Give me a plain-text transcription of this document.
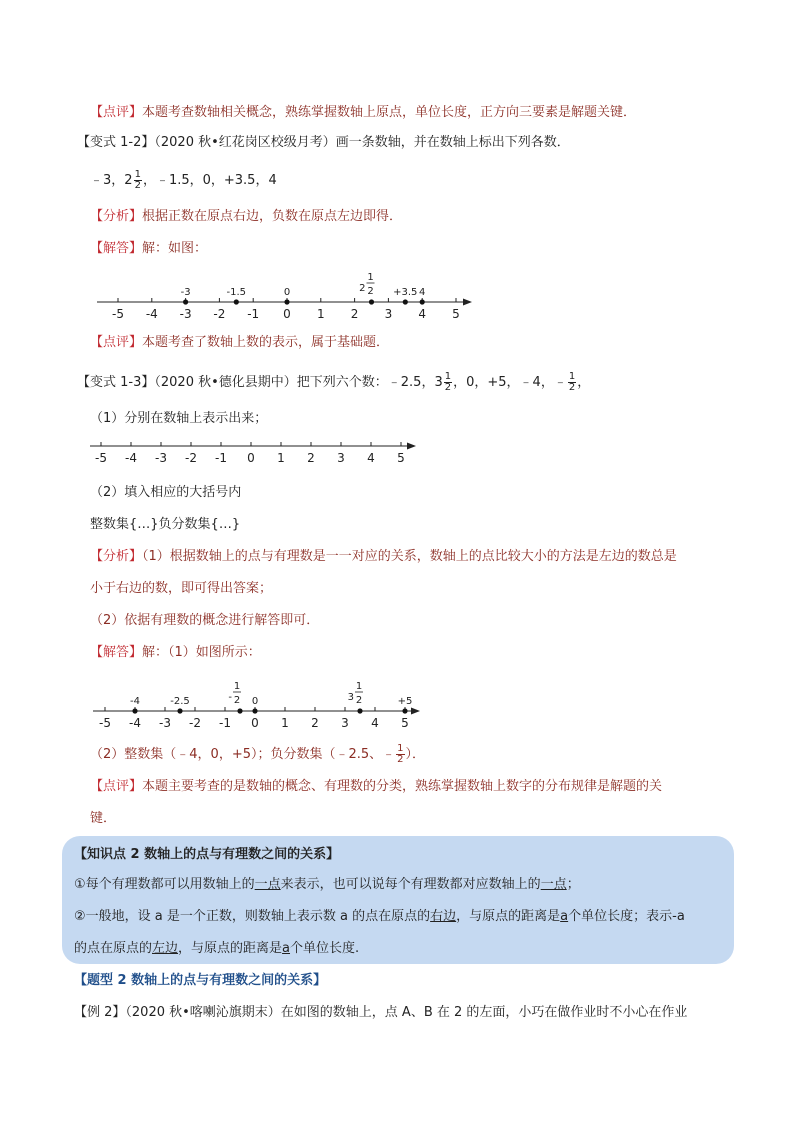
【点评】本题考查数轴相关概念，熟练掌握数轴上原点，单位长度，正方向三要素是解题关键．
【变式 1-2】（2020 秋•红花岗区校级月考）画一条数轴，并在数轴上标出下列各数．
﹣3，$2 \frac{1}{2}$ ，﹣1.5，0，+3.5，4
【分析】根据正数在原点右边，负数在原点左边即得．
【解答】解：如图：
-5 -4 -3 -2 -1 0 1 2 3 4 5
-3	-1.5	0	2
1
2 +3.5 4
【点评】本题考查了数轴上数的表示，属于基础题．
【变式 1-3】（2020 秋•德化县期中）把下列六个数：﹣2.5，$3 \frac{1}{2}$ ，0，+5，﹣4，﹣ $\frac{1}{2}$ ，
（1）分别在数轴上表示出来；
-5 -4 -3 -2 -1 0 1 2 3 4 5
（2）填入相应的大括号内
整数集{…}负分数集{…}
【分析】（1）根据数轴上的点与有理数是一一对应的关系，数轴上的点比较大小的方法是左边的数总是
小于右边的数，即可得出答案；
（2）依据有理数的概念进行解答即可．
【解答】解：（1）如图所示：
-5 -4 -3 -2 -1 0 1 2 3 4 5
-4	-2.5	-
1
2 0	3
1
2	+5
（2）整数集（﹣4，0，+5）；负分数集（﹣2.5、﹣ $\frac{1}{2}$ ）．
【点评】本题主要考查的是数轴的概念、有理数的分类，熟练掌握数轴上数字的分布规律是解题的关
键．
【知识点 2 数轴上的点与有理数之间的关系】
①每个有理数都可以用数轴上的一点来表示，也可以说每个有理数都对应数轴上的一点；
②一般地，设 a 是一个正数，则数轴上表示数 a 的点在原点的右边，与原点的距离是a个单位长度；表示-a
的点在原点的左边，与原点的距离是a个单位长度.
【题型 2 数轴上的点与有理数之间的关系】
【例 2】（2020 秋•喀喇沁旗期末）在如图的数轴上，点 A、B 在 2 的左面，小巧在做作业时不小心在作业
